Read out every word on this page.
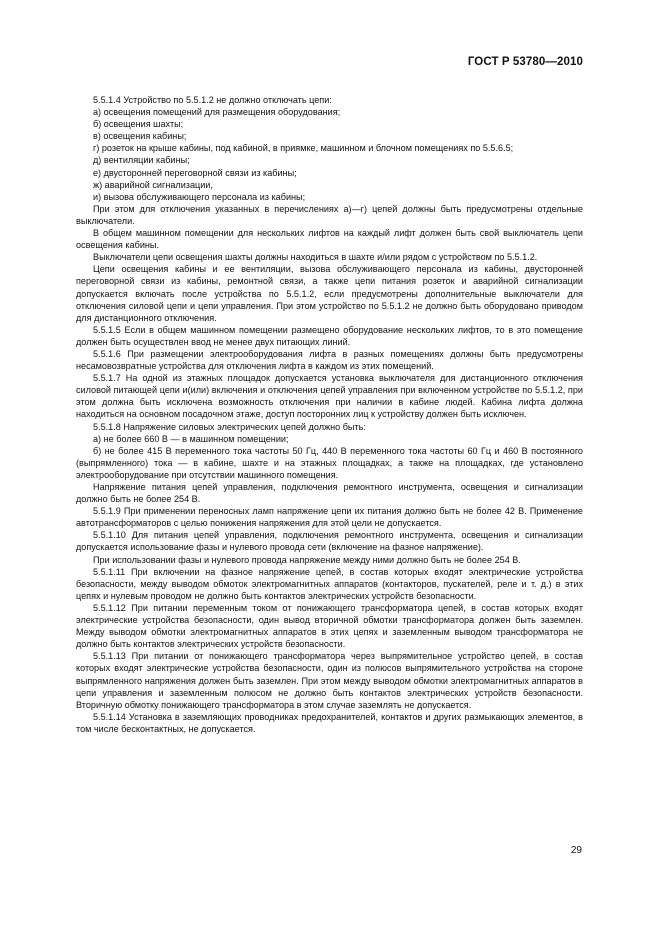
ГОСТ Р 53780—2010

5.5.1.4 Устройство по 5.5.1.2 не должно отключать цепи:

а) освещения помещений для размещения оборудования;

б) освещения шахты;

в) освещения кабины;

г) розеток на крыше кабины, под кабиной, в приямке, машинном и блочном помещениях по 5.5.6.5;

д) вентиляции кабины;

е) двусторонней переговорной связи из кабины;

ж) аварийной сигнализации,

и) вызова обслуживающего персонала из кабины;

При этом для отключения указанных в перечислениях а)—г) цепей должны быть предусмотрены отдельные выключатели.

В общем машинном помещении для нескольких лифтов на каждый лифт должен быть свой выключатель цепи освещения кабины.

Выключатели цепи освещения шахты должны находиться в шахте и/или рядом с устройством по 5.5.1.2.

Цепи освещения кабины и ее вентиляции, вызова обслуживающего персонала из кабины, двусторонней переговорной связи из кабины, ремонтной связи, а также цепи питания розеток и аварийной сигнализации допускается включать после устройства по 5.5.1.2, если предусмотрены дополнительные выключатели для отключения силовой цепи и цепи управления. При этом устройство по 5.5.1.2 не должно быть оборудовано приводом для дистанционного отключения.

5.5.1.5 Если в общем машинном помещении размещено оборудование нескольких лифтов, то в это помещение должен быть осуществлен ввод не менее двух питающих линий.

5.5.1.6 При размещении электрооборудования лифта в разных помещениях должны быть предусмотрены несамовозвратные устройства для отключения лифта в каждом из этих помещений.

5.5.1.7 На одной из этажных площадок допускается установка выключателя для дистанционного отключения силовой питающей цепи и(или) включения и отключения цепей управления при включенном устройстве по 5.5.1.2, при этом должна быть исключена возможность отключения при наличии в кабине людей. Кабина лифта должна находиться на основном посадочном этаже, доступ посторонних лиц к устройству должен быть исключен.

5.5.1.8 Напряжение силовых электрических цепей должно быть:

а) не более 660 В — в машинном помещении;

б) не более 415 В переменного тока частоты 50 Гц, 440 В переменного тока частоты 60 Гц и 460 В постоянного (выпрямленного) тока — в кабине, шахте и на этажных площадках, а также на площадках, где установлено электрооборудование при отсутствии машинного помещения.

Напряжение питания цепей управления, подключения ремонтного инструмента, освещения и сигнализации должно быть не более 254 В.

5.5.1.9 При применении переносных ламп напряжение цепи их питания должно быть не более 42 В. Применение автотрансформаторов с целью понижения напряжения для этой цели не допускается.

5.5.1.10 Для питания цепей управления, подключения ремонтного инструмента, освещения и сигнализации допускается использование фазы и нулевого провода сети (включение на фазное напряжение).

При использовании фазы и нулевого провода напряжение между ними должно быть не более 254 В.

5.5.1.11 При включении на фазное напряжение цепей, в состав которых входят электрические устройства безопасности, между выводом обмоток электромагнитных аппаратов (контакторов, пускателей, реле и т. д.) в этих цепях и нулевым проводом не должно быть контактов электрических устройств безопасности.

5.5.1.12 При питании переменным током от понижающего трансформатора цепей, в состав которых входят электрические устройства безопасности, один вывод вторичной обмотки трансформатора должен быть заземлен. Между выводом обмотки электромагнитных аппаратов в этих цепях и заземленным выводом трансформатора не должно быть контактов электрических устройств безопасности.

5.5.1.13 При питании от понижающего трансформатора через выпрямительное устройство цепей, в состав которых входят электрические устройства безопасности, один из полюсов выпрямительного устройства на стороне выпрямленного напряжения должен быть заземлен. При этом между выводом обмотки электромагнитных аппаратов в цепи управления и заземленным полюсом не должно быть контактов электрических устройств безопасности. Вторичную обмотку понижающего трансформатора в этом случае заземлять не допускается.

5.5.1.14 Установка в заземляющих проводниках предохранителей, контактов и других размыкающих элементов, в том числе бесконтактных, не допускается.

29
